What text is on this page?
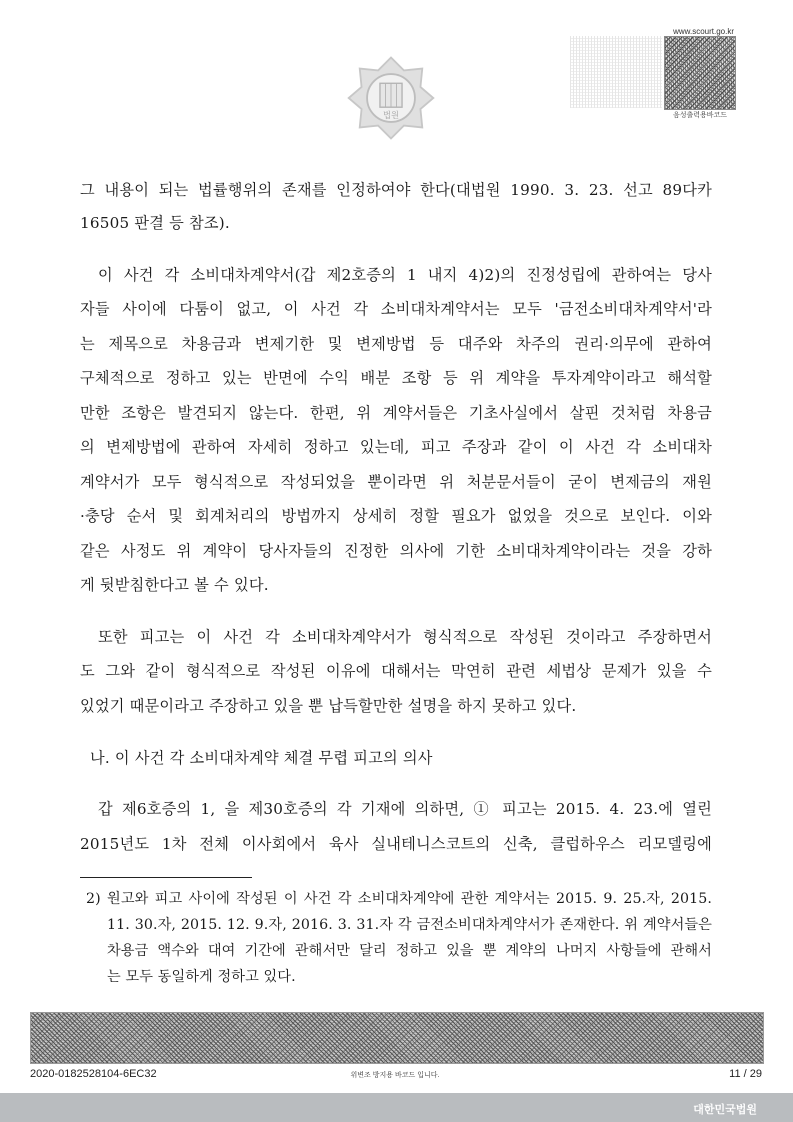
www.scourt.go.kr
음성출력용바코드
법원
그 내용이 되는 법률행위의 존재를 인정하여야 한다(대법원 1990. 3. 23. 선고 89다카
16505 판결 등 참조).
이 사건 각 소비대차계약서(갑 제2호증의 1 내지 4)2)의 진정성립에 관하여는 당사
자들 사이에 다툼이 없고, 이 사건 각 소비대차계약서는 모두 '금전소비대차계약서'라
는 제목으로 차용금과 변제기한 및 변제방법 등 대주와 차주의 권리·의무에 관하여
구체적으로 정하고 있는 반면에 수익 배분 조항 등 위 계약을 투자계약이라고 해석할
만한 조항은 발견되지 않는다. 한편, 위 계약서들은 기초사실에서 살핀 것처럼 차용금
의 변제방법에 관하여 자세히 정하고 있는데, 피고 주장과 같이 이 사건 각 소비대차
계약서가 모두 형식적으로 작성되었을 뿐이라면 위 처분문서들이 굳이 변제금의 재원
·충당 순서 및 회계처리의 방법까지 상세히 정할 필요가 없었을 것으로 보인다. 이와
같은 사정도 위 계약이 당사자들의 진정한 의사에 기한 소비대차계약이라는 것을 강하
게 뒷받침한다고 볼 수 있다.
또한 피고는 이 사건 각 소비대차계약서가 형식적으로 작성된 것이라고 주장하면서
도 그와 같이 형식적으로 작성된 이유에 대해서는 막연히 관련 세법상 문제가 있을 수
있었기 때문이라고 주장하고 있을 뿐 납득할만한 설명을 하지 못하고 있다.
나. 이 사건 각 소비대차계약 체결 무렵 피고의 의사
갑 제6호증의 1, 을 제30호증의 각 기재에 의하면, ① 피고는 2015. 4. 23.에 열린
2015년도 1차 전체 이사회에서 육사 실내테니스코트의 신축, 클럽하우스 리모델링에
2) 원고와 피고 사이에 작성된 이 사건 각 소비대차계약에 관한 계약서는 2015. 9. 25.자, 2015.
11. 30.자, 2015. 12. 9.자, 2016. 3. 31.자 각 금전소비대차계약서가 존재한다. 위 계약서들은
차용금 액수와 대여 기간에 관해서만 달리 정하고 있을 뿐 계약의 나머지 사항들에 관해서
는 모두 동일하게 정하고 있다.
2020-0182528104-6EC32	위변조 방지용 바코드 입니다.	11 / 29
대한민국법원
